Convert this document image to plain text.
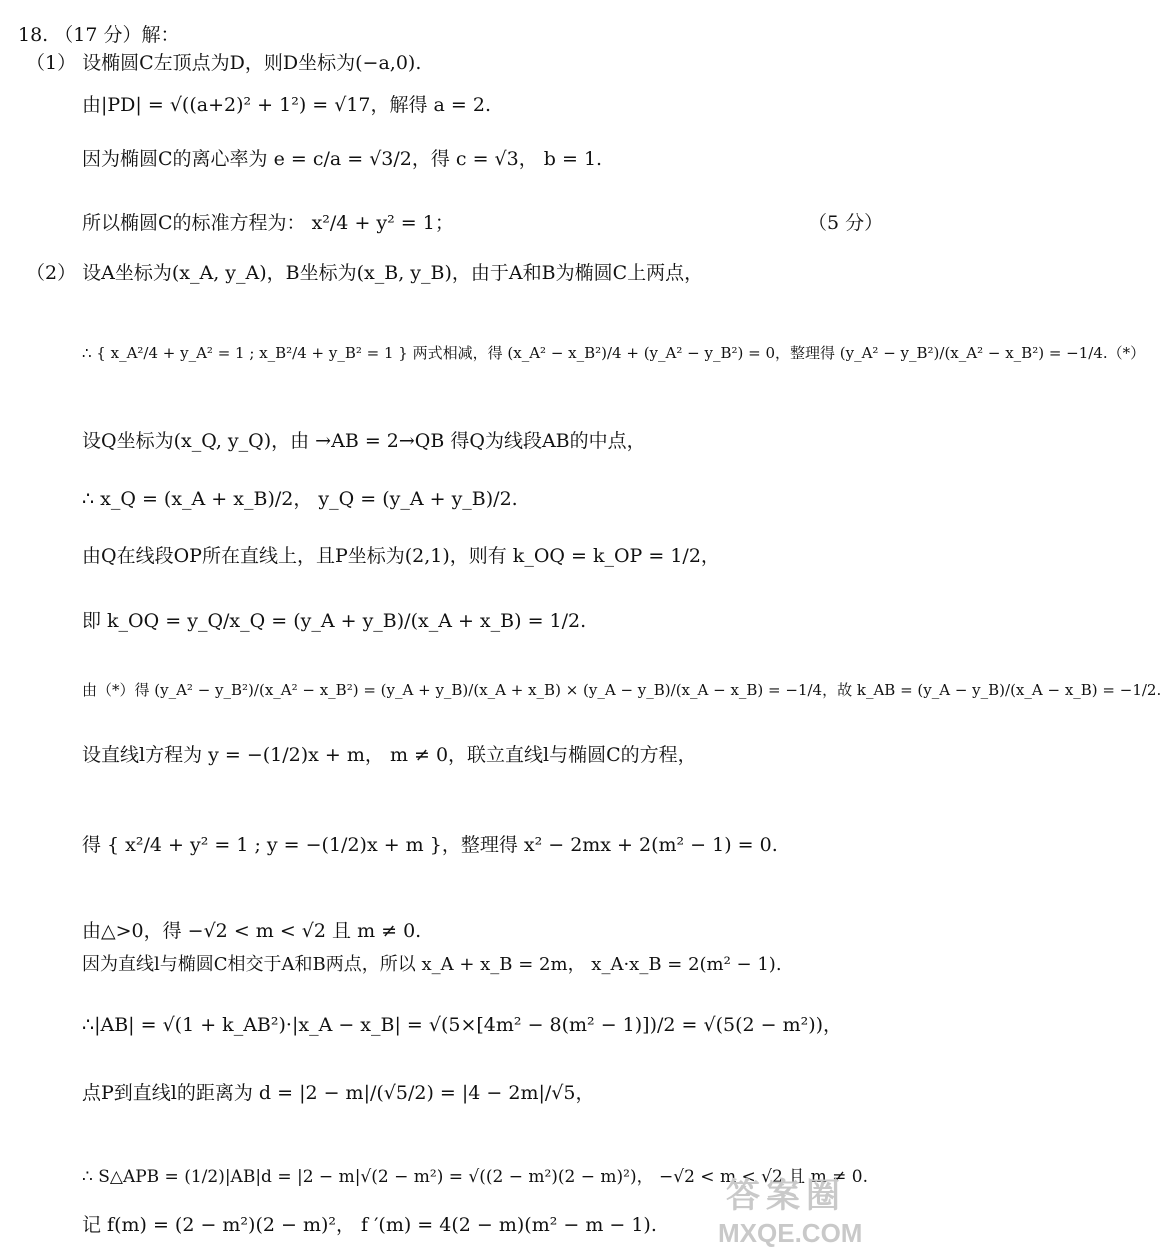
18. （17 分）解：
（1） 设椭圆C左顶点为D，则D坐标为(−a,0).
由|PD| = √((a+2)² + 1²) = √17，解得 a = 2.
因为椭圆C的离心率为 e = c/a = √3/2，得 c = √3， b = 1.
所以椭圆C的标准方程为： x²/4 + y² = 1；	（5 分）
（2） 设A坐标为(x_A, y_A)，B坐标为(x_B, y_B)，由于A和B为椭圆C上两点，
∴ { x_A²/4 + y_A² = 1 ; x_B²/4 + y_B² = 1 } 两式相减，得 (x_A² − x_B²)/4 + (y_A² − y_B²) = 0，整理得 (y_A² − y_B²)/(x_A² − x_B²) = −1/4.（*）
设Q坐标为(x_Q, y_Q)，由 →AB = 2→QB 得Q为线段AB的中点，
∴ x_Q = (x_A + x_B)/2， y_Q = (y_A + y_B)/2.
由Q在线段OP所在直线上，且P坐标为(2,1)，则有 k_OQ = k_OP = 1/2，
即 k_OQ = y_Q/x_Q = (y_A + y_B)/(x_A + x_B) = 1/2.
由（*）得 (y_A² − y_B²)/(x_A² − x_B²) = (y_A + y_B)/(x_A + x_B) × (y_A − y_B)/(x_A − x_B) = −1/4，故 k_AB = (y_A − y_B)/(x_A − x_B) = −1/2.
设直线l方程为 y = −(1/2)x + m， m ≠ 0，联立直线l与椭圆C的方程，
得 { x²/4 + y² = 1 ; y = −(1/2)x + m }，整理得 x² − 2mx + 2(m² − 1) = 0.
由△>0，得 −√2 < m < √2 且 m ≠ 0.
因为直线l与椭圆C相交于A和B两点，所以 x_A + x_B = 2m， x_A·x_B = 2(m² − 1).
∴|AB| = √(1 + k_AB²)·|x_A − x_B| = √(5×[4m² − 8(m² − 1)])/2 = √(5(2 − m²))，
点P到直线l的距离为 d = |2 − m|/(√5/2) = |4 − 2m|/√5，
∴ S△APB = (1/2)|AB|d = |2 − m|√(2 − m²) = √((2 − m²)(2 − m)²)， −√2 < m < √2 且 m ≠ 0.
记 f(m) = (2 − m²)(2 − m)²， f ′(m) = 4(2 − m)(m² − m − 1).
答案圈
MXQE.COM
